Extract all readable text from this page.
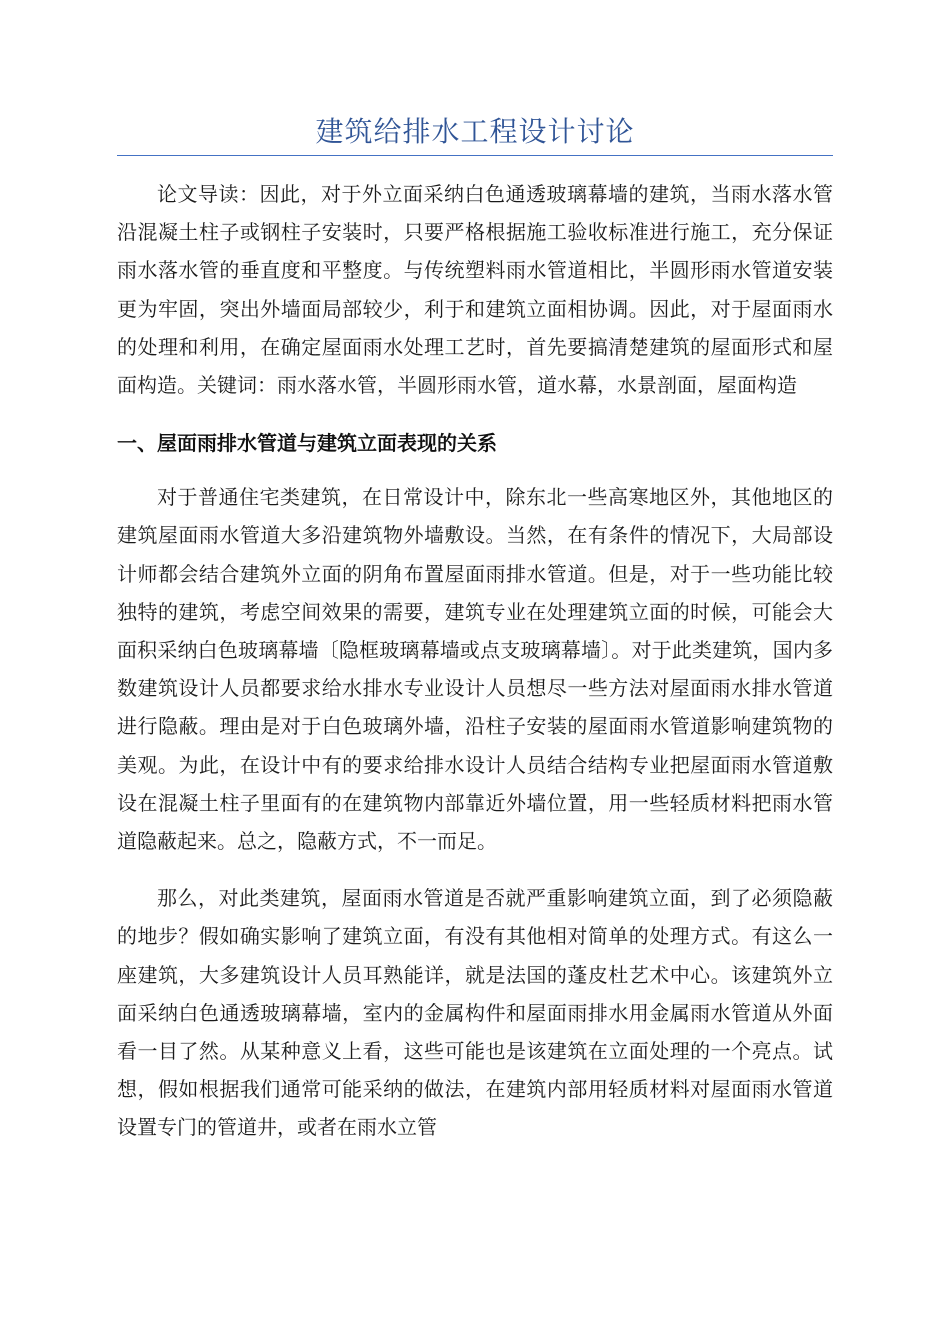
建筑给排水工程设计讨论

论文导读：因此，对于外立面采纳白色通透玻璃幕墙的建筑，当雨水落水管沿混凝土柱子或钢柱子安装时，只要严格根据施工验收标准进行施工，充分保证雨水落水管的垂直度和平整度。与传统塑料雨水管道相比，半圆形雨水管道安装更为牢固，突出外墙面局部较少，利于和建筑立面相协调。因此，对于屋面雨水的处理和利用，在确定屋面雨水处理工艺时，首先要搞清楚建筑的屋面形式和屋面构造。关键词：雨水落水管，半圆形雨水管，道水幕，水景剖面，屋面构造

一、屋面雨排水管道与建筑立面表现的关系

对于普通住宅类建筑，在日常设计中，除东北一些高寒地区外，其他地区的建筑屋面雨水管道大多沿建筑物外墙敷设。当然，在有条件的情况下，大局部设计师都会结合建筑外立面的阴角布置屋面雨排水管道。但是，对于一些功能比较独特的建筑，考虑空间效果的需要，建筑专业在处理建筑立面的时候，可能会大面积采纳白色玻璃幕墙〔隐框玻璃幕墙或点支玻璃幕墙〕。对于此类建筑，国内多数建筑设计人员都要求给水排水专业设计人员想尽一些方法对屋面雨水排水管道进行隐蔽。理由是对于白色玻璃外墙，沿柱子安装的屋面雨水管道影响建筑物的美观。为此，在设计中有的要求给排水设计人员结合结构专业把屋面雨水管道敷设在混凝土柱子里面有的在建筑物内部靠近外墙位置，用一些轻质材料把雨水管道隐蔽起来。总之，隐蔽方式，不一而足。

那么，对此类建筑，屋面雨水管道是否就严重影响建筑立面，到了必须隐蔽的地步？假如确实影响了建筑立面，有没有其他相对简单的处理方式。有这么一座建筑，大多建筑设计人员耳熟能详，就是法国的蓬皮杜艺术中心。该建筑外立面采纳白色通透玻璃幕墙，室内的金属构件和屋面雨排水用金属雨水管道从外面看一目了然。从某种意义上看，这些可能也是该建筑在立面处理的一个亮点。试想，假如根据我们通常可能采纳的做法，在建筑内部用轻质材料对屋面雨水管道设置专门的管道井，或者在雨水立管
